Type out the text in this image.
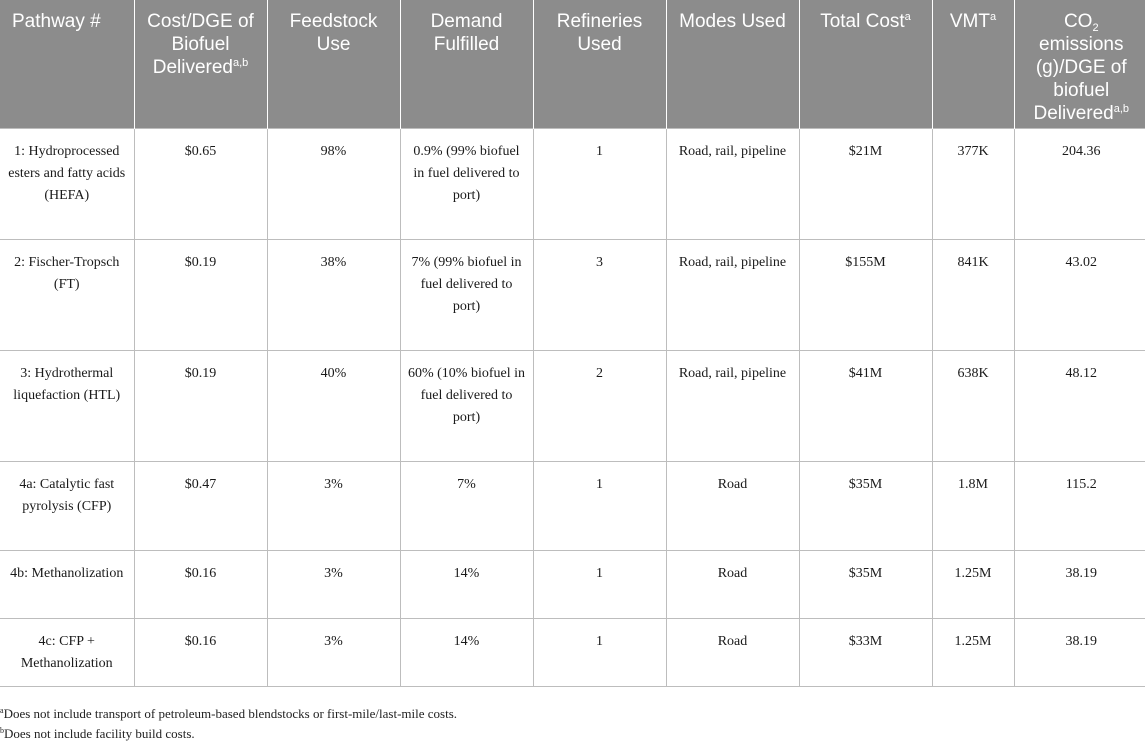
Pathway #	Cost/DGE of Biofuel Delivered$^{a,b}$	Feedstock Use	Demand Fulfilled	Refineries Used	Modes Used	Total Cost$^a$	VMT$^a$	$CO_2$ emissions (g)/DGE of biofuel Delivered$^{a,b}$
1: Hydroprocessed esters and fatty acids (HEFA)	$0.65	98%	0.9% (99% biofuel in fuel delivered to port)	1	Road, rail, pipeline	$21M	377K	204.36
2: Fischer-Tropsch (FT)	$0.19	38%	7% (99% biofuel in fuel delivered to port)	3	Road, rail, pipeline	$155M	841K	43.02
3: Hydrothermal liquefaction (HTL)	$0.19	40%	60% (10% biofuel in fuel delivered to port)	2	Road, rail, pipeline	$41M	638K	48.12
4a: Catalytic fast pyrolysis (CFP)	$0.47	3%	7%	1	Road	$35M	1.8M	115.2
4b: Methanolization	$0.16	3%	14%	1	Road	$35M	1.25M	38.19
4c: CFP + Methanolization	$0.16	3%	14%	1	Road	$33M	1.25M	38.19
$^a$Does not include transport of petroleum-based blendstocks or first-mile/last-mile costs.
$^b$Does not include facility build costs.
